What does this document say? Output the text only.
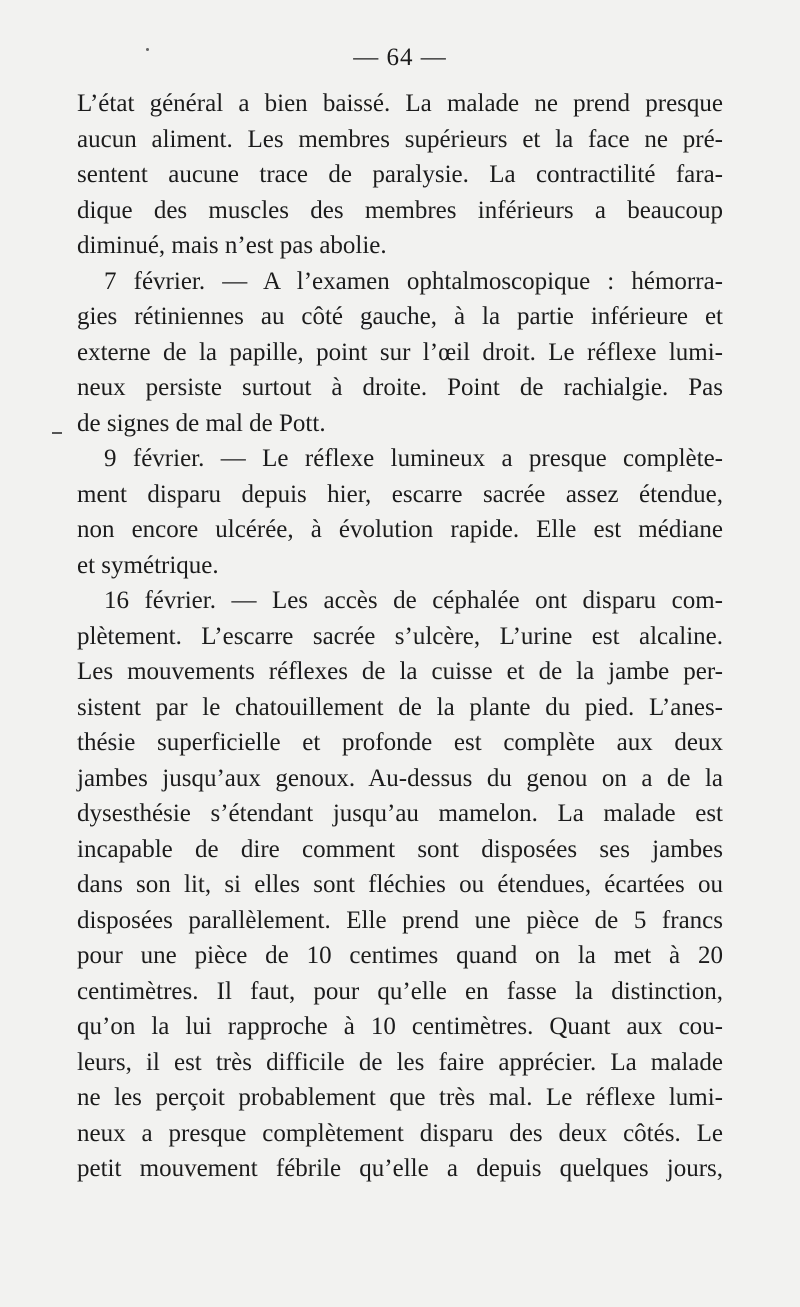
— 64 —
L’état général a bien baissé. La malade ne prend presque
aucun aliment. Les membres supérieurs et la face ne pré-
sentent aucune trace de paralysie. La contractilité fara-
dique des muscles des membres inférieurs a beaucoup
diminué, mais n’est pas abolie.
7 février. — A l’examen ophtalmoscopique : hémorra-
gies rétiniennes au côté gauche, à la partie inférieure et
externe de la papille, point sur l’œil droit. Le réflexe lumi-
neux persiste surtout à droite. Point de rachialgie. Pas
de signes de mal de Pott.
9 février. — Le réflexe lumineux a presque complète-
ment disparu depuis hier, escarre sacrée assez étendue,
non encore ulcérée, à évolution rapide. Elle est médiane
et symétrique.
16 février. — Les accès de céphalée ont disparu com-
plètement. L’escarre sacrée s’ulcère, L’urine est alcaline.
Les mouvements réflexes de la cuisse et de la jambe per-
sistent par le chatouillement de la plante du pied. L’anes-
thésie superficielle et profonde est complète aux deux
jambes jusqu’aux genoux. Au-dessus du genou on a de la
dysesthésie s’étendant jusqu’au mamelon. La malade est
incapable de dire comment sont disposées ses jambes
dans son lit, si elles sont fléchies ou étendues, écartées ou
disposées parallèlement. Elle prend une pièce de 5 francs
pour une pièce de 10 centimes quand on la met à 20
centimètres. Il faut, pour qu’elle en fasse la distinction,
qu’on la lui rapproche à 10 centimètres. Quant aux cou-
leurs, il est très difficile de les faire apprécier. La malade
ne les perçoit probablement que très mal. Le réflexe lumi-
neux a presque complètement disparu des deux côtés. Le
petit mouvement fébrile qu’elle a depuis quelques jours,
